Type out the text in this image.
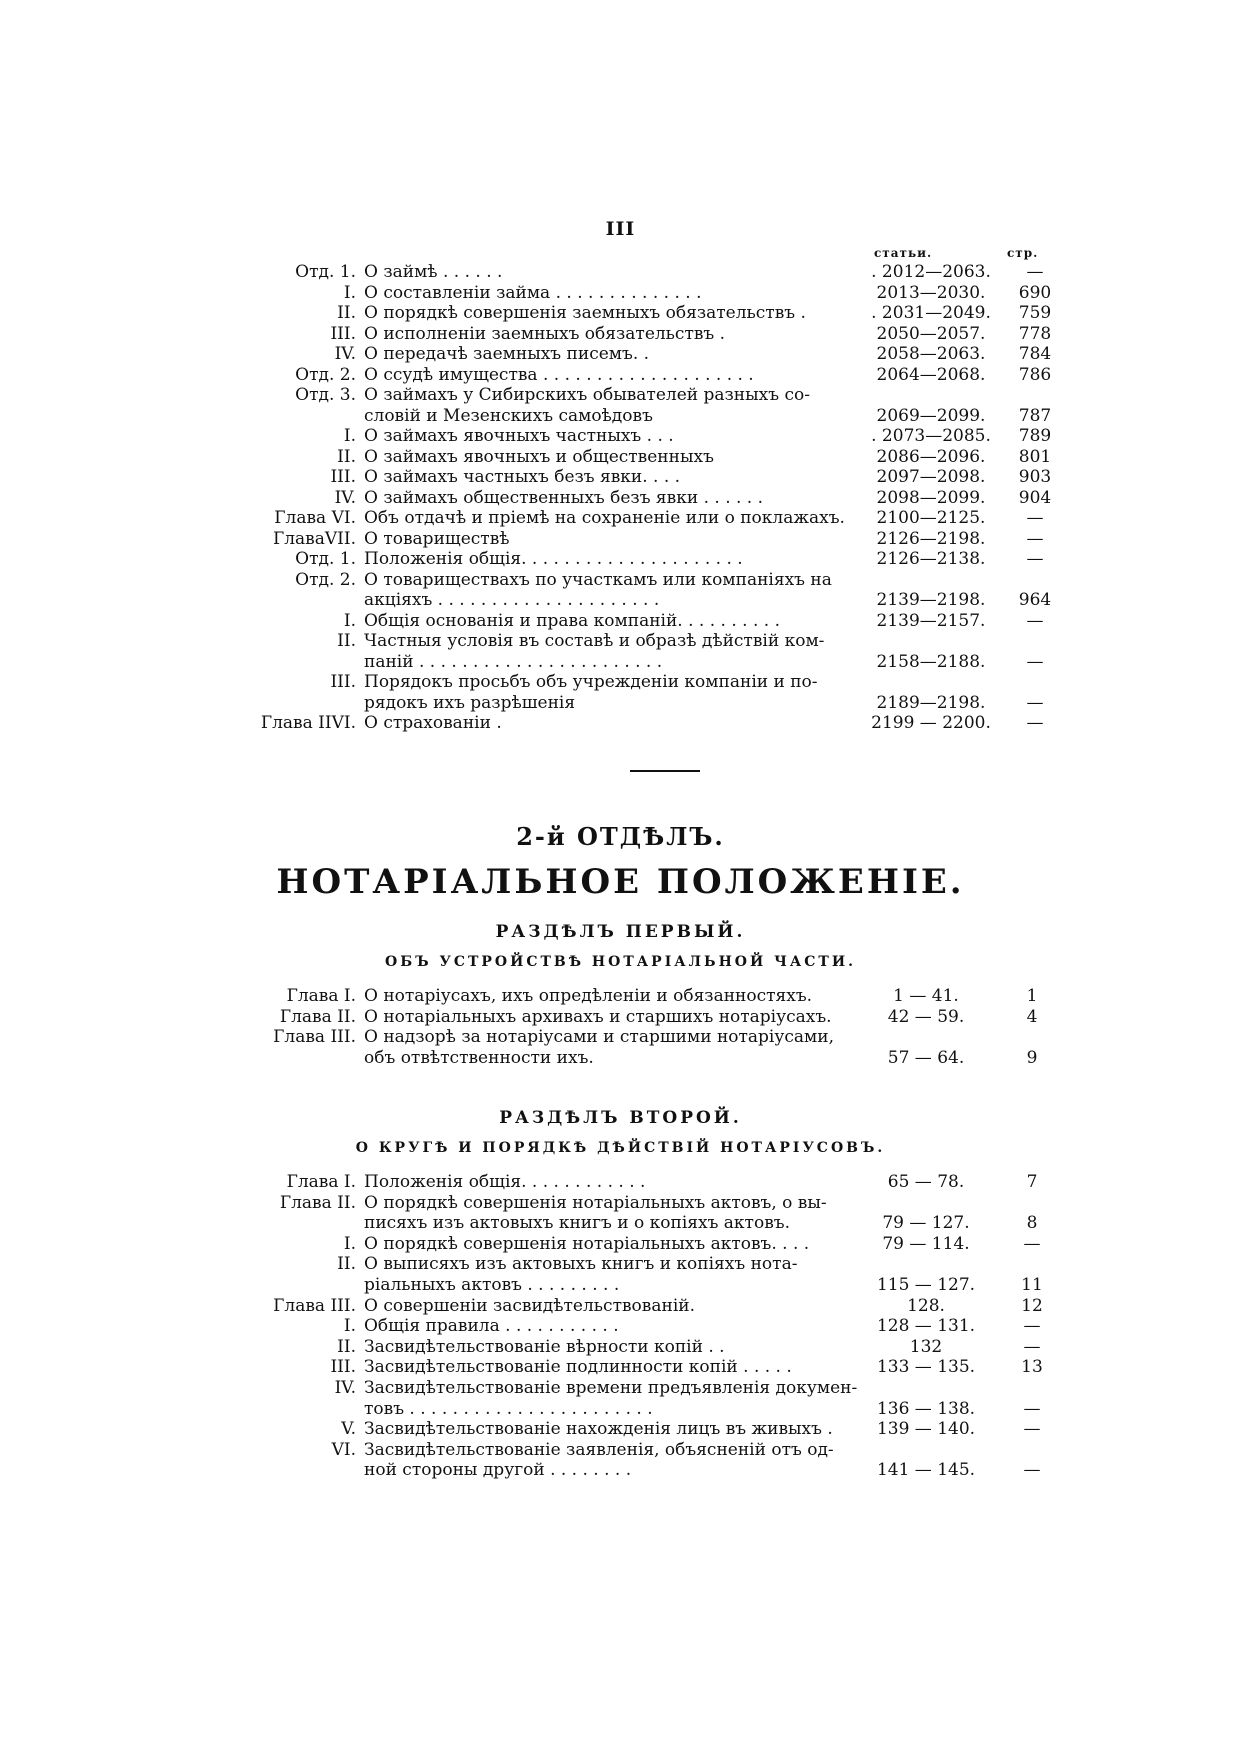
III
статьи.	стр.
Отд. 1. О займѣ . . . . . .	. 2012—2063.	—
I. О составленіи займа . . . . . . . . . . . . . .	2013—2030.	690
II. О порядкѣ совершенія заемныхъ обязательствъ .	. 2031—2049.	759
III. О исполненіи заемныхъ обязательствъ .	2050—2057.	778
IV. О передачѣ заемныхъ писемъ. .	2058—2063.	784
Отд. 2. О ссудѣ имущества . . . . . . . . . . . . . . . . . . . .	2064—2068.	786
Отд. 3. О займахъ у Сибирскихъ обывателей разныхъ со-
словій и Мезенскихъ самоѣдовъ	2069—2099.	787
I. О займахъ явочныхъ частныхъ . . .	. 2073—2085.	789
II. О займахъ явочныхъ и общественныхъ	2086—2096.	801
III. О займахъ частныхъ безъ явки. . . .	2097—2098.	903
IV. О займахъ общественныхъ безъ явки . . . . . .	2098—2099.	904
Глава VI. Объ отдачѣ и пріемѣ на сохраненіе или о поклажахъ.	2100—2125.	—
ГлаваVII. О товариществѣ	2126—2198.	—
Отд. 1. Положенія общія. . . . . . . . . . . . . . . . . . . . .	2126—2138.	—
Отд. 2. О товариществахъ по участкамъ или компаніяхъ на
акціяхъ . . . . . . . . . . . . . . . . . . . . .	2139—2198.	964
I. Общія основанія и права компаній. . . . . . . . . .	2139—2157.	—
II. Частныя условія въ составѣ и образѣ дѣйствій ком-
паній . . . . . . . . . . . . . . . . . . . . . . .	2158—2188.	—
III. Порядокъ просьбъ объ учрежденіи компаніи и по-
рядокъ ихъ разрѣшенія	2189—2198.	—
Глава IIVI. О страхованіи .	2199 — 2200.	—
2-й ОТДѢЛЪ.
НОТАРІАЛЬНОЕ ПОЛОЖЕНІЕ.
РАЗДѢЛЪ ПЕРВЫЙ.
ОБЪ УСТРОЙСТВѢ НОТАРІАЛЬНОЙ ЧАСТИ.
Глава I. О нотаріусахъ, ихъ опредѣленіи и обязанностяхъ.	1 — 41.	1
Глава II. О нотаріальныхъ архивахъ и старшихъ нотаріусахъ.	42 — 59.	4
Глава III. О надзорѣ за нотаріусами и старшими нотаріусами,
объ отвѣтственности ихъ.	57 — 64.	9
РАЗДѢЛЪ ВТОРОЙ.
О КРУГѢ И ПОРЯДКѢ ДѢЙСТВІЙ НОТАРІУСОВЪ.
Глава I. Положенія общія. . . . . . . . . . . .	65 — 78.	7
Глава II. О порядкѣ совершенія нотаріальныхъ актовъ, о вы-
писяхъ изъ актовыхъ книгъ и о копіяхъ актовъ.	79 — 127.	8
I. О порядкѣ совершенія нотаріальныхъ актовъ. . . .	79 — 114.	—
II. О выписяхъ изъ актовыхъ книгъ и копіяхъ нота-
ріальныхъ актовъ . . . . . . . . .	115 — 127.	11
Глава III. О совершеніи засвидѣтельствованій.	128.	12
I. Общія правила . . . . . . . . . . .	128 — 131.	—
II. Засвидѣтельствованіе вѣрности копій . .	132	—
III. Засвидѣтельствованіе подлинности копій . . . . .	133 — 135.	13
IV. Засвидѣтельствованіе времени предъявленія докумен-
товъ . . . . . . . . . . . . . . . . . . . . . . .	136 — 138.	—
V. Засвидѣтельствованіе нахожденія лицъ въ живыхъ .	139 — 140.	—
VI. Засвидѣтельствованіе заявленія, объясненій отъ од-
ной стороны другой . . . . . . . .	141 — 145.	—
